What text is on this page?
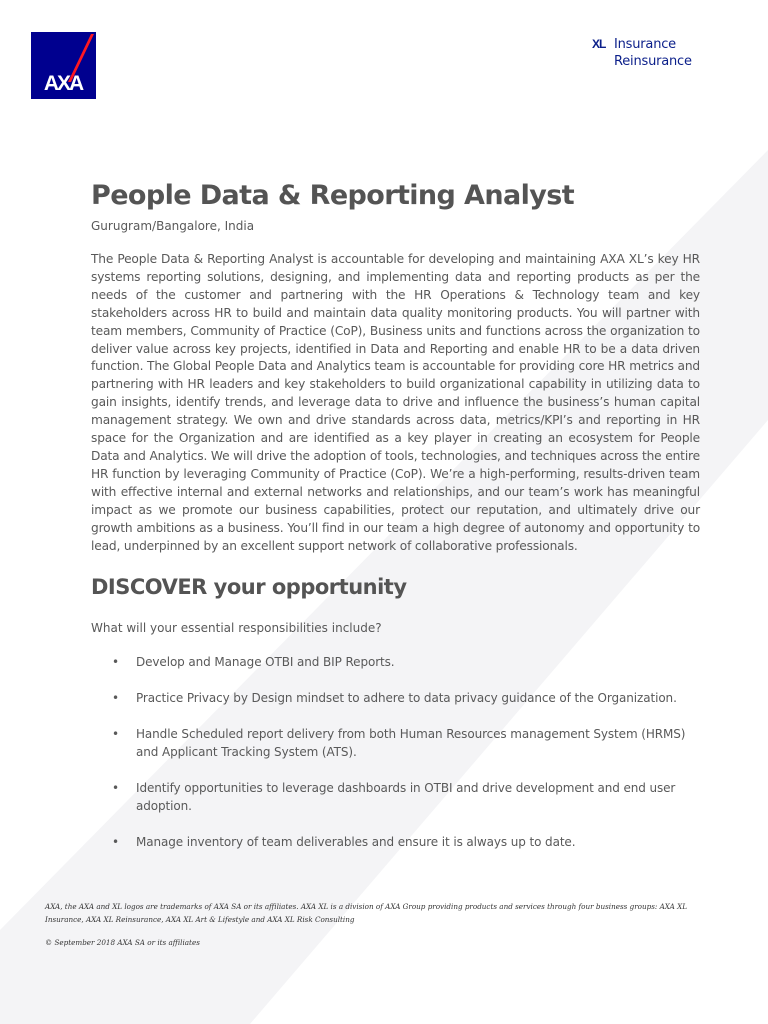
AXA
XL Insurance
Reinsurance
People Data & Reporting Analyst
Gurugram/Bangalore, India

The People Data & Reporting Analyst is accountable for developing and maintaining AXA XL’s key HR systems reporting solutions, designing, and implementing data and reporting products as per the needs of the customer and partnering with the HR Operations & Technology team and key stakeholders across HR to build and maintain data quality monitoring products. You will partner with team members, Community of Practice (CoP), Business units and functions across the organization to deliver value across key projects, identified in Data and Reporting and enable HR to be a data driven function. The Global People Data and Analytics team is accountable for providing core HR metrics and partnering with HR leaders and key stakeholders to build organizational capability in utilizing data to gain insights, identify trends, and leverage data to drive and influence the business’s human capital management strategy. We own and drive standards across data, metrics/KPI’s and reporting in HR space for the Organization and are identified as a key player in creating an ecosystem for People Data and Analytics. We will drive the adoption of tools, technologies, and techniques across the entire HR function by leveraging Community of Practice (CoP). We’re a high-performing, results-driven team with effective internal and external networks and relationships, and our team’s work has meaningful impact as we promote our business capabilities, protect our reputation, and ultimately drive our growth ambitions as a business. You’ll find in our team a high degree of autonomy and opportunity to lead, underpinned by an excellent support network of collaborative professionals.

DISCOVER your opportunity
What will your essential responsibilities include?
• Develop and Manage OTBI and BIP Reports.
• Practice Privacy by Design mindset to adhere to data privacy guidance of the Organization.
• Handle Scheduled report delivery from both Human Resources management System (HRMS) and Applicant Tracking System (ATS).
• Identify opportunities to leverage dashboards in OTBI and drive development and end user adoption.
• Manage inventory of team deliverables and ensure it is always up to date.

AXA, the AXA and XL logos are trademarks of AXA SA or its affiliates. AXA XL is a division of AXA Group providing products and services through four business groups: AXA XL Insurance, AXA XL Reinsurance, AXA XL Art & Lifestyle and AXA XL Risk Consulting

© September 2018 AXA SA or its affiliates
